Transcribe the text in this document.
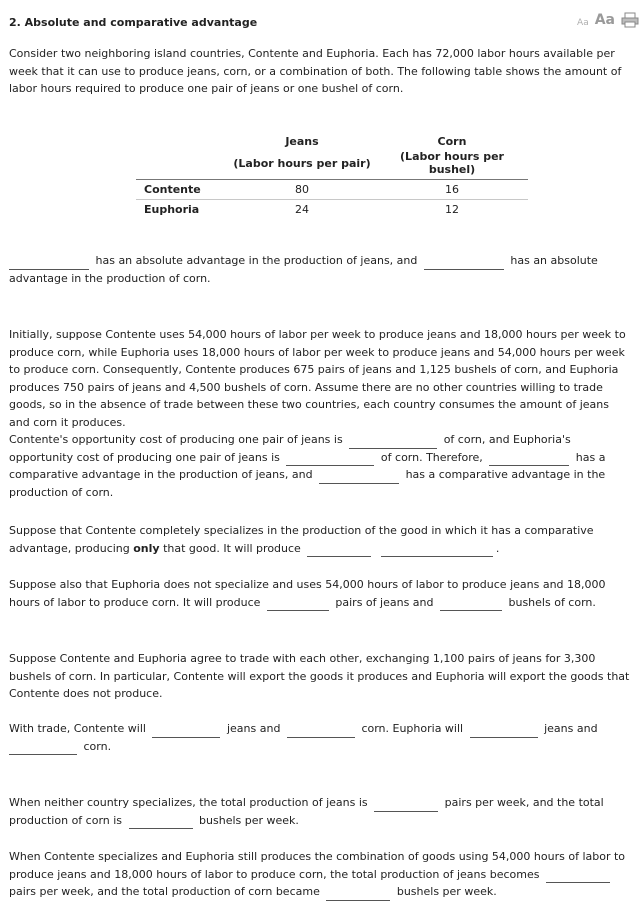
2. Absolute and comparative advantage	Aa Aa
Consider two neighboring island countries, Contente and Euphoria. Each has 72,000 labor hours available per week that it can use to produce jeans, corn, or a combination of both. The following table shows the amount of labor hours required to produce one pair of jeans or one bushel of corn.
	Jeans	Corn
	(Labor hours per pair)	(Labor hours per bushel)
Contente	80	16
Euphoria	24	12
has an absolute advantage in the production of jeans, and	has an absolute advantage in the production of corn.
Initially, suppose Contente uses 54,000 hours of labor per week to produce jeans and 18,000 hours per week to produce corn, while Euphoria uses 18,000 hours of labor per week to produce jeans and 54,000 hours per week to produce corn. Consequently, Contente produces 675 pairs of jeans and 1,125 bushels of corn, and Euphoria produces 750 pairs of jeans and 4,500 bushels of corn. Assume there are no other countries willing to trade goods, so in the absence of trade between these two countries, each country consumes the amount of jeans and corn it produces.
Contente's opportunity cost of producing one pair of jeans is	of corn, and Euphoria's opportunity cost of producing one pair of jeans is	of corn. Therefore,	has a comparative advantage in the production of jeans, and	has a comparative advantage in the production of corn.
Suppose that Contente completely specializes in the production of the good in which it has a comparative advantage, producing only that good. It will produce	.
Suppose also that Euphoria does not specialize and uses 54,000 hours of labor to produce jeans and 18,000 hours of labor to produce corn. It will produce	pairs of jeans and	bushels of corn.
Suppose Contente and Euphoria agree to trade with each other, exchanging 1,100 pairs of jeans for 3,300 bushels of corn. In particular, Contente will export the goods it produces and Euphoria will export the goods that Contente does not produce.
With trade, Contente will	jeans and	corn. Euphoria will	jeans and  corn.
When neither country specializes, the total production of jeans is	pairs per week, and the total production of corn is	bushels per week.
When Contente specializes and Euphoria still produces the combination of goods using 54,000 hours of labor to produce jeans and 18,000 hours of labor to produce corn, the total production of jeans becomes  pairs per week, and the total production of corn became	bushels per week.
